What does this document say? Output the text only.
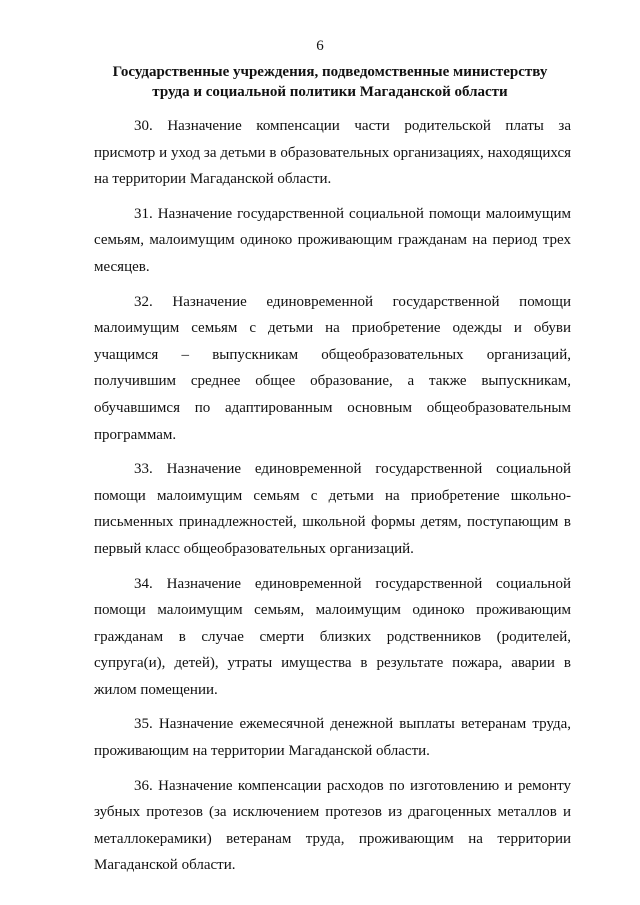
6
Государственные учреждения, подведомственные министерству
труда и социальной политики Магаданской области

30. Назначение компенсации части родительской платы за присмотр и уход за детьми в образовательных организациях, находящихся на территории Магаданской области.

31. Назначение государственной социальной помощи малоимущим семьям, малоимущим одиноко проживающим гражданам на период трех месяцев.

32. Назначение единовременной государственной помощи малоимущим семьям с детьми на приобретение одежды и обуви учащимся – выпускникам общеобразовательных организаций, получившим среднее общее образование, а также выпускникам, обучавшимся по адаптированным основным общеобразовательным программам.

33. Назначение единовременной государственной социальной помощи малоимущим семьям с детьми на приобретение школьно-письменных принадлежностей, школьной формы детям, поступающим в первый класс общеобразовательных организаций.

34. Назначение единовременной государственной социальной помощи малоимущим семьям, малоимущим одиноко проживающим гражданам в случае смерти близких родственников (родителей, супруга(и), детей), утраты имущества в результате пожара, аварии в жилом помещении.

35. Назначение ежемесячной денежной выплаты ветеранам труда, проживающим на территории Магаданской области.

36. Назначение компенсации расходов по изготовлению и ремонту зубных протезов (за исключением протезов из драгоценных металлов и металлокерамики) ветеранам труда, проживающим на территории Магаданской области.
